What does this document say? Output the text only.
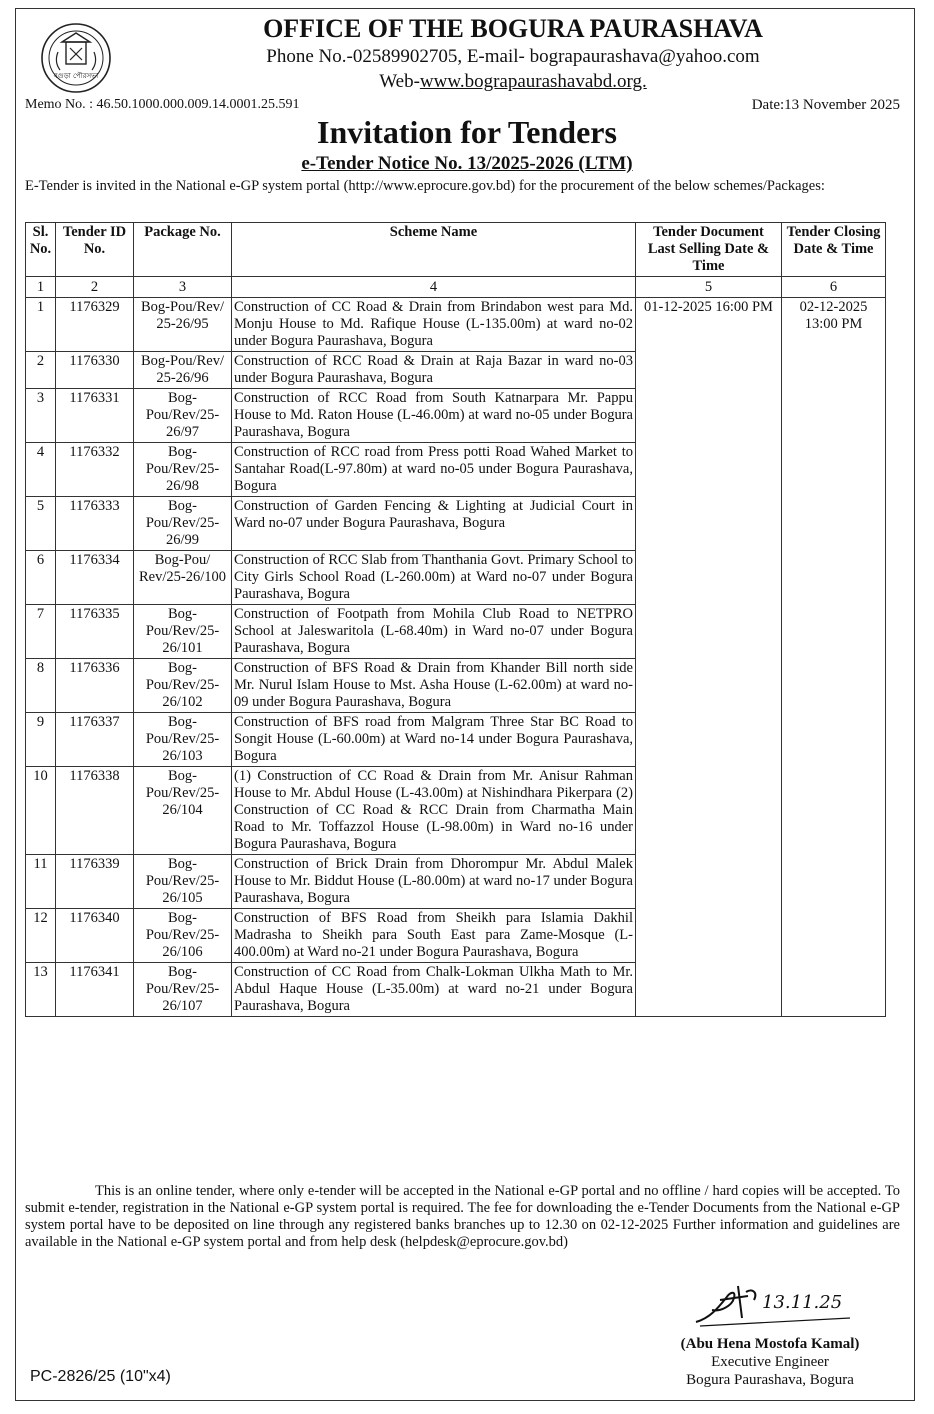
বগুড়া পৌরসভা
OFFICE OF THE BOGURA PAURASHAVA
Phone No.-02589902705, E-mail- bograpaurashava@yahoo.com
Web-www.bograpaurashavabd.org.
Memo No. : 46.50.1000.000.009.14.0001.25.591	Date:13 November 2025
Invitation for Tenders
e-Tender Notice No. 13/2025-2026 (LTM)
E-Tender is invited in the National e-GP system portal (http://www.eprocure.gov.bd) for the procurement of the below schemes/Packages:
Sl. No.	Tender ID No.	Package No.	Scheme Name	Tender Document Last Selling Date & Time	Tender Closing Date & Time
1	2	3	4	5	6
1	1176329	Bog-Pou/Rev/ 25-26/95	Construction of CC Road & Drain from Brindabon west para Md. Monju House to Md. Rafique House (L-135.00m) at ward no-02 under Bogura Paurashava, Bogura	01-12-2025 16:00 PM	02-12-2025 13:00 PM
2	1176330	Bog-Pou/Rev/ 25-26/96	Construction of RCC Road & Drain at Raja Bazar in ward no-03 under Bogura Paurashava, Bogura		
3	1176331	Bog-Pou/Rev/25-26/97	Construction of RCC Road from South Katnarpara Mr. Pappu House to Md. Raton House (L-46.00m) at ward no-05 under Bogura Paurashava, Bogura		
4	1176332	Bog-Pou/Rev/25-26/98	Construction of RCC road from Press potti Road Wahed Market to Santahar Road(L-97.80m) at ward no-05 under Bogura Paurashava, Bogura		
5	1176333	Bog-Pou/Rev/25-26/99	Construction of Garden Fencing & Lighting at Judicial Court in Ward no-07 under Bogura Paurashava, Bogura		
6	1176334	Bog-Pou/ Rev/25-26/100	Construction of RCC Slab from Thanthania Govt. Primary School to City Girls School Road (L-260.00m) at Ward no-07 under Bogura Paurashava, Bogura		
7	1176335	Bog-Pou/Rev/25-26/101	Construction of Footpath from Mohila Club Road to NETPRO School at Jaleswaritola (L-68.40m) in Ward no-07 under Bogura Paurashava, Bogura		
8	1176336	Bog-Pou/Rev/25-26/102	Construction of BFS Road & Drain from Khander Bill north side Mr. Nurul Islam House to Mst. Asha House (L-62.00m) at ward no-09 under Bogura Paurashava, Bogura		
9	1176337	Bog-Pou/Rev/25-26/103	Construction of BFS road from Malgram Three Star BC Road to Songit House (L-60.00m) at Ward no-14 under Bogura Paurashava, Bogura		
10	1176338	Bog-Pou/Rev/25-26/104	(1) Construction of CC Road & Drain from Mr. Anisur Rahman House to Mr. Abdul House (L-43.00m) at Nishindhara Pikerpara (2) Construction of CC Road & RCC Drain from Charmatha Main Road to Mr. Toffazzol House (L-98.00m) in Ward no-16 under Bogura Paurashava, Bogura		
11	1176339	Bog-Pou/Rev/25-26/105	Construction of Brick Drain from Dhorompur Mr. Abdul Malek House to Mr. Biddut House (L-80.00m) at ward no-17 under Bogura Paurashava, Bogura		
12	1176340	Bog-Pou/Rev/25-26/106	Construction of BFS Road from Sheikh para Islamia Dakhil Madrasha to Sheikh para South East para Zame-Mosque (L-400.00m) at Ward no-21 under Bogura Paurashava, Bogura		
13	1176341	Bog-Pou/Rev/25-26/107	Construction of CC Road from Chalk-Lokman Ulkha Math to Mr. Abdul Haque House (L-35.00m) at ward no-21 under Bogura Paurashava, Bogura		
This is an online tender, where only e-tender will be accepted in the National e-GP portal and no offline / hard copies will be accepted. To submit e-tender, registration in the National e-GP system portal is required. The fee for downloading the e-Tender Documents from the National e-GP system portal have to be deposited on line through any registered banks branches up to 12.30 on 02-12-2025 Further information and guidelines are available in the National e-GP system portal and from help desk (helpdesk@eprocure.gov.bd)
13.11.25
(Abu Hena Mostofa Kamal)
Executive Engineer
Bogura Paurashava, Bogura
PC-2826/25 (10"x4)
